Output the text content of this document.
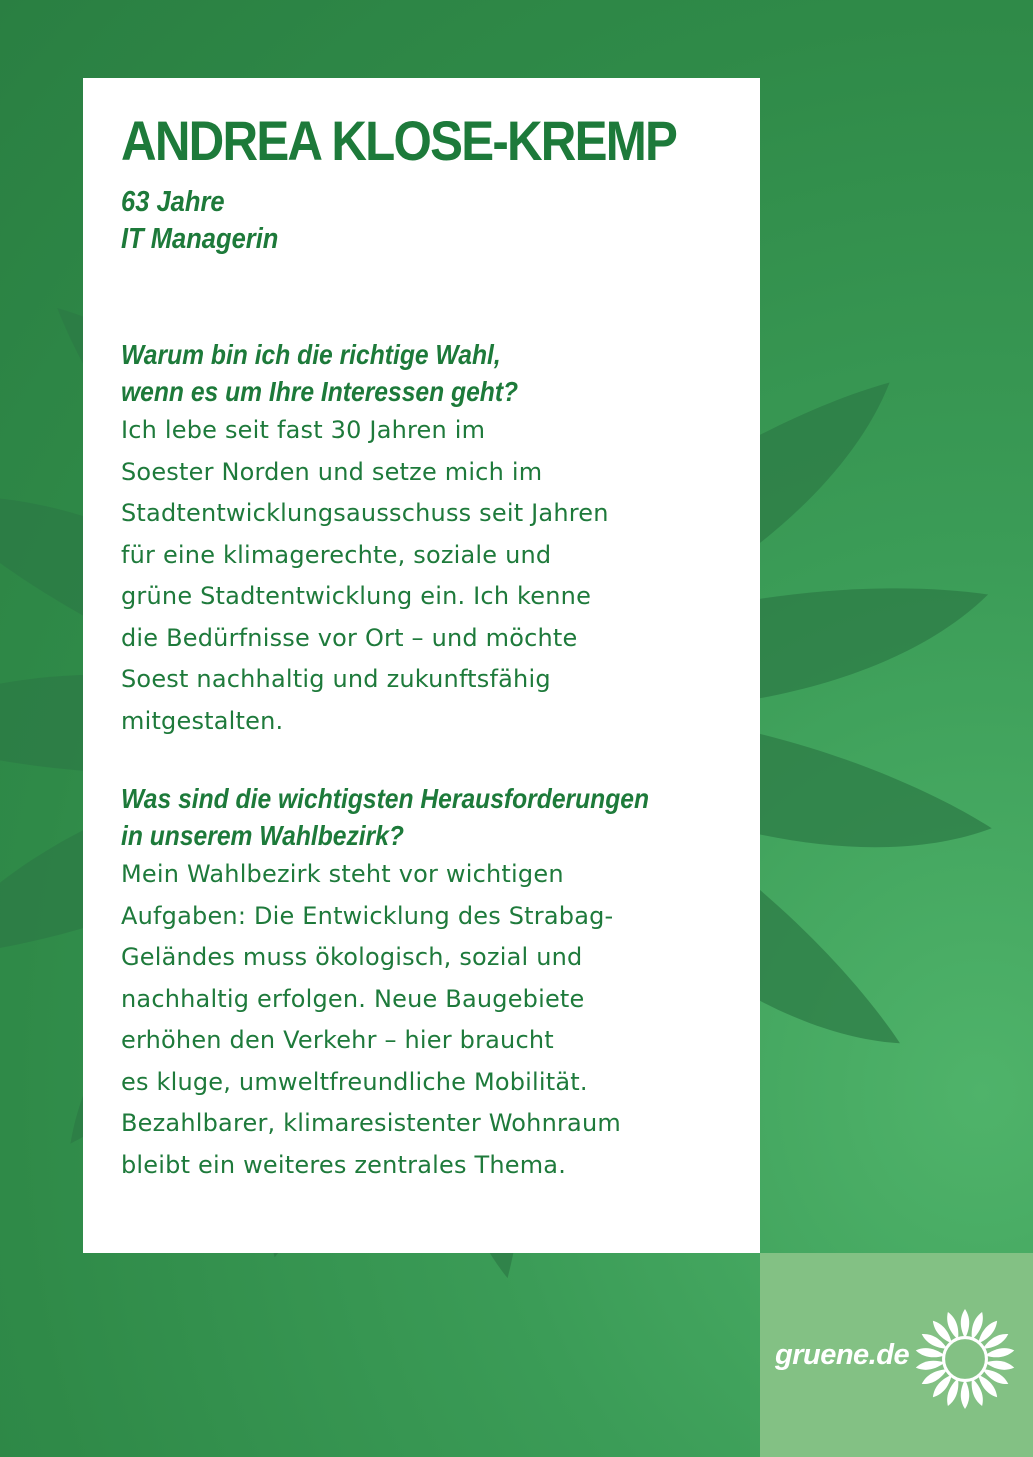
ANDREA KLOSE-KREMP
63 Jahre
IT Managerin
Warum bin ich die richtige Wahl,
wenn es um Ihre Interessen geht?
Ich lebe seit fast 30 Jahren im
Soester Norden und setze mich im
Stadtentwicklungsausschuss seit Jahren
für eine klimagerechte, soziale und
grüne Stadtentwicklung ein. Ich kenne
die Bedürfnisse vor Ort – und möchte
Soest nachhaltig und zukunftsfähig
mitgestalten.
Was sind die wichtigsten Herausforderungen
in unserem Wahlbezirk?
Mein Wahlbezirk steht vor wichtigen
Aufgaben: Die Entwicklung des Strabag-
Geländes muss ökologisch, sozial und
nachhaltig erfolgen. Neue Baugebiete
erhöhen den Verkehr – hier braucht
es kluge, umweltfreundliche Mobilität.
Bezahlbarer, klimaresistenter Wohnraum
bleibt ein weiteres zentrales Thema.
gruene.de
